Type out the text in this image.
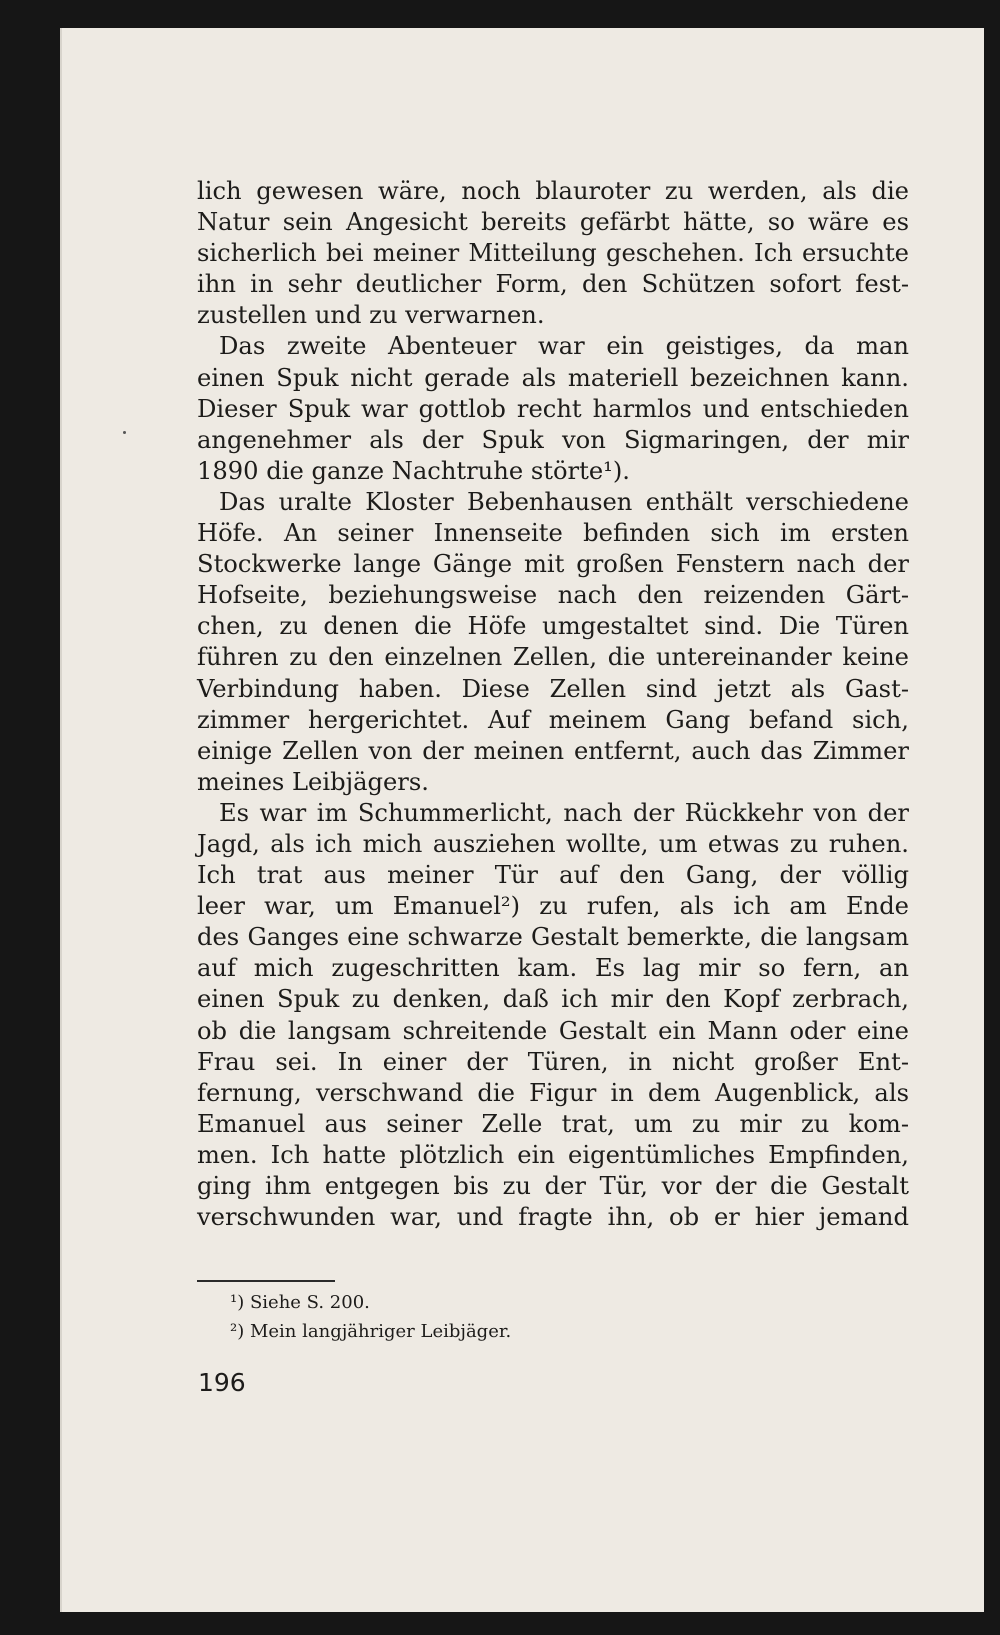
lich gewesen wäre, noch blauroter zu werden, als die
Natur sein Angesicht bereits gefärbt hätte, so wäre es
sicherlich bei meiner Mitteilung geschehen. Ich ersuchte
ihn in sehr deutlicher Form, den Schützen sofort fest-
zustellen und zu verwarnen.
Das zweite Abenteuer war ein geistiges, da man
einen Spuk nicht gerade als materiell bezeichnen kann.
Dieser Spuk war gottlob recht harmlos und entschieden
angenehmer als der Spuk von Sigmaringen, der mir
1890 die ganze Nachtruhe störte¹).
Das uralte Kloster Bebenhausen enthält verschiedene
Höfe. An seiner Innenseite befinden sich im ersten
Stockwerke lange Gänge mit großen Fenstern nach der
Hofseite, beziehungsweise nach den reizenden Gärt-
chen, zu denen die Höfe umgestaltet sind. Die Türen
führen zu den einzelnen Zellen, die untereinander keine
Verbindung haben. Diese Zellen sind jetzt als Gast-
zimmer hergerichtet. Auf meinem Gang befand sich,
einige Zellen von der meinen entfernt, auch das Zimmer
meines Leibjägers.
Es war im Schummerlicht, nach der Rückkehr von der
Jagd, als ich mich ausziehen wollte, um etwas zu ruhen.
Ich trat aus meiner Tür auf den Gang, der völlig
leer war, um Emanuel²) zu rufen, als ich am Ende
des Ganges eine schwarze Gestalt bemerkte, die langsam
auf mich zugeschritten kam. Es lag mir so fern, an
einen Spuk zu denken, daß ich mir den Kopf zerbrach,
ob die langsam schreitende Gestalt ein Mann oder eine
Frau sei. In einer der Türen, in nicht großer Ent-
fernung, verschwand die Figur in dem Augenblick, als
Emanuel aus seiner Zelle trat, um zu mir zu kom-
men. Ich hatte plötzlich ein eigentümliches Empfinden,
ging ihm entgegen bis zu der Tür, vor der die Gestalt
verschwunden war, und fragte ihn, ob er hier jemand
¹) Siehe S. 200.
²) Mein langjähriger Leibjäger.
196
